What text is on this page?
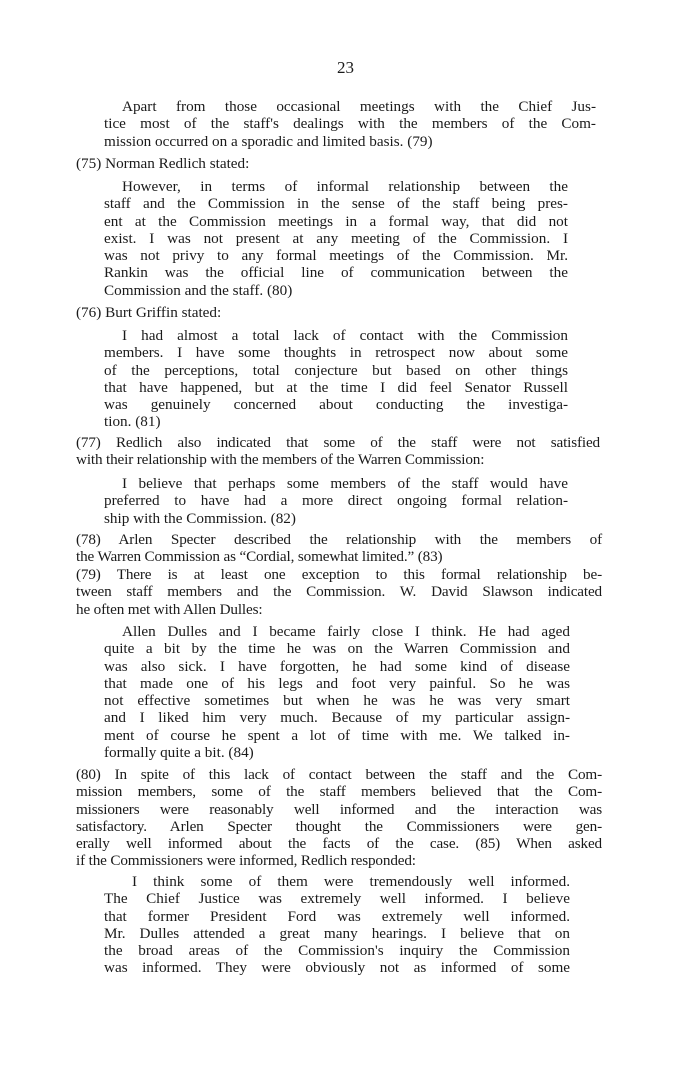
23
Apart from those occasional meetings with the Chief Jus-
tice most of the staff's dealings with the members of the Com-
mission occurred on a sporadic and limited basis. (79)
(75) Norman Redlich stated:
However, in terms of informal relationship between the
staff and the Commission in the sense of the staff being pres-
ent at the Commission meetings in a formal way, that did not
exist. I was not present at any meeting of the Commission. I
was not privy to any formal meetings of the Commission. Mr.
Rankin was the official line of communication between the
Commission and the staff. (80)
(76) Burt Griffin stated:
I had almost a total lack of contact with the Commission
members. I have some thoughts in retrospect now about some
of the perceptions, total conjecture but based on other things
that have happened, but at the time I did feel Senator Russell
was genuinely concerned about conducting the investiga-
tion. (81)
(77) Redlich also indicated that some of the staff were not satisfied
with their relationship with the members of the Warren Commission:
I believe that perhaps some members of the staff would have
preferred to have had a more direct ongoing formal relation-
ship with the Commission. (82)
(78) Arlen Specter described the relationship with the members of
the Warren Commission as “Cordial, somewhat limited.” (83)
(79) There is at least one exception to this formal relationship be-
tween staff members and the Commission. W. David Slawson indicated
he often met with Allen Dulles:
Allen Dulles and I became fairly close I think. He had aged
quite a bit by the time he was on the Warren Commission and
was also sick. I have forgotten, he had some kind of disease
that made one of his legs and foot very painful. So he was
not effective sometimes but when he was he was very smart
and I liked him very much. Because of my particular assign-
ment of course he spent a lot of time with me. We talked in-
formally quite a bit. (84)
(80) In spite of this lack of contact between the staff and the Com-
mission members, some of the staff members believed that the Com-
missioners were reasonably well informed and the interaction was
satisfactory. Arlen Specter thought the Commissioners were gen-
erally well informed about the facts of the case. (85) When asked
if the Commissioners were informed, Redlich responded:
I think some of them were tremendously well informed.
The Chief Justice was extremely well informed. I believe
that former President Ford was extremely well informed.
Mr. Dulles attended a great many hearings. I believe that on
the broad areas of the Commission's inquiry the Commission
was informed. They were obviously not as informed of some
